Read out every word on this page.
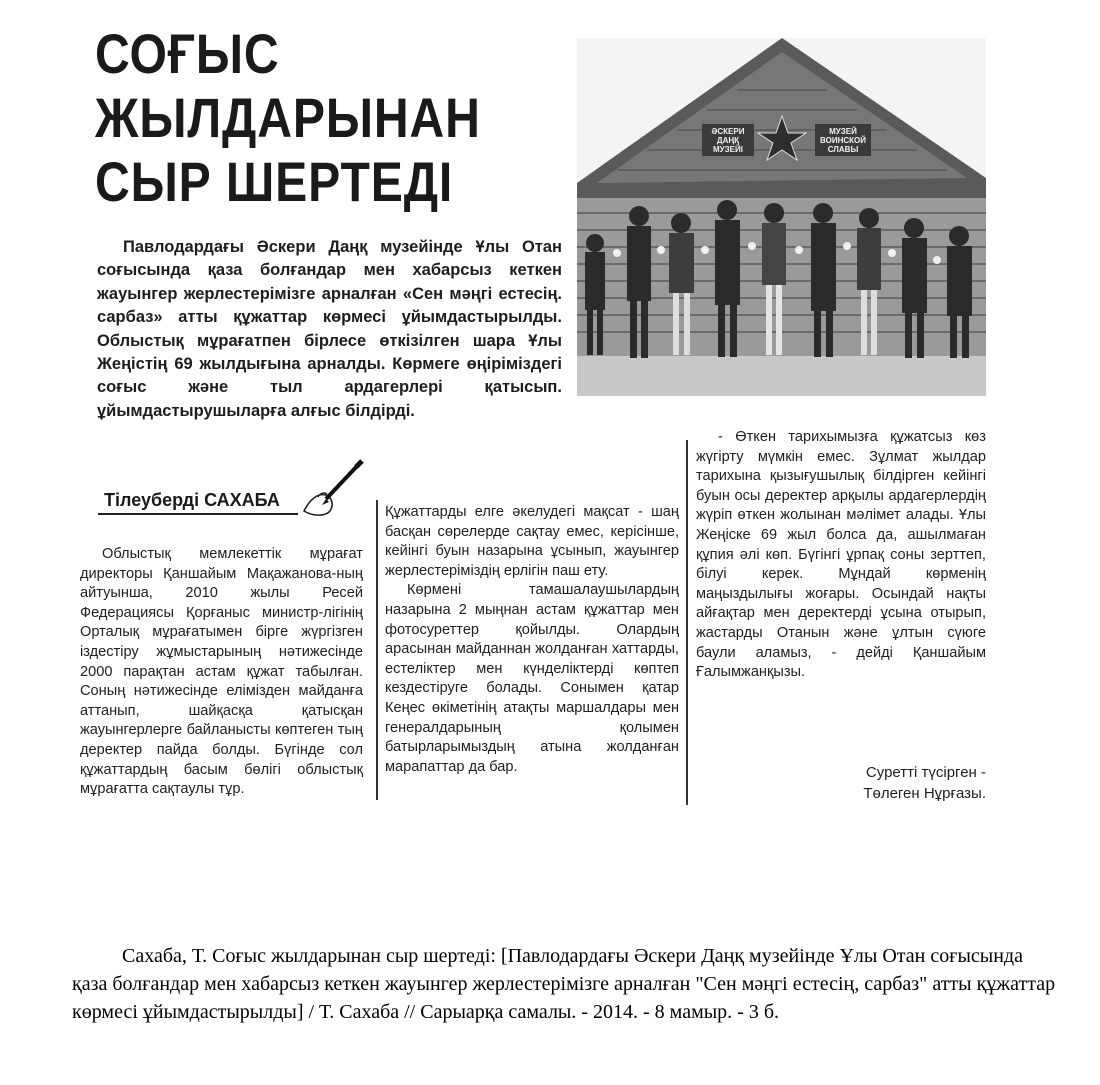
СОҒЫС ЖЫЛДАРЫНАН
СЫР ШЕРТЕДІ
ӘСКЕРИ
ДАҢҚ
МУЗЕЙІ
МУЗЕЙ
ВОИНСКОЙ
СЛАВЫ

Павлодардағы Әскери Даңқ музейінде Ұлы Отан соғысында қаза болғандар мен хабарсыз кеткен жауынгер жерлестерімізге арналған «Сен мәңгі естесің. сарбаз» атты құжаттар көрмесі ұйымдастырылды. Облыстық мұрағатпен бірлесе өткізілген шара Ұлы Жеңістің 69 жылдығына арналды. Көрмеге өңіріміздегі соғыс және тыл ардагерлері қатысып. ұйымдастырушыларға алғыс білдірді.

Тілеуберді САХАБА

Облыстық мемлекеттік мұрағат директоры Қаншайым Мақажанова-ның айтуынша, 2010 жылы Ресей Федерациясы Қорғаныс министр-лігінің Орталық мұрағатымен бірге жүргізген іздестіру жұмыстарының нәтижесінде 2000 парақтан астам құжат табылған. Соның нәтижесінде елімізден майданға аттанып, шайқасқа қатысқан жауынгерлерге байланысты көптеген тың деректер пайда болды. Бүгінде сол құжаттардың басым бөлігі облыстық мұрағатта сақтаулы тұр.

Құжаттарды елге әкелудегі мақсат - шаң басқан сөрелерде сақтау емес, керісінше, кейінгі буын назарына ұсынып, жауынгер жерлестеріміздің ерлігін паш ету.

Көрмені тамашалаушылардың назарына 2 мыңнан астам құжаттар мен фотосуреттер қойылды. Олардың арасынан майданнан жолданған хаттарды, естеліктер мен күнделіктерді көптеп кездестіруге болады. Сонымен қатар Кеңес өкіметінің атақты маршалдары мен генералдарының қолымен батырларымыздың атына жолданған марапаттар да бар.

- Өткен тарихымызға құжатсыз көз жүгірту мүмкін емес. Зұлмат жылдар тарихына қызығушылық білдірген кейінгі буын осы деректер арқылы ардагерлердің жүріп өткен жолынан мәлімет алады. Ұлы Жеңіске 69 жыл болса да, ашылмаған құпия әлі көп. Бүгінгі ұрпақ соны зерттеп, білуі керек. Мұндай көрменің маңыздылығы жоғары. Осындай нақты айғақтар мен деректерді ұсына отырып, жастарды Отанын және ұлтын сүюге баули аламыз, - дейді Қаншайым Ғалымжанқызы.

Суретті түсірген -
Төлеген Нұрғазы.

Сахаба, Т. Соғыс жылдарынан сыр шертеді: [Павлодардағы Әскери Даңқ музейінде Ұлы Отан соғысында қаза болғандар мен хабарсыз кеткен жауынгер жерлестерімізге арналған "Сен мәңгі естесің, сарбаз" атты құжаттар көрмесі ұйымдастырылды] / Т. Сахаба // Сарыарқа самалы. - 2014. - 8 мамыр. - 3 б.
